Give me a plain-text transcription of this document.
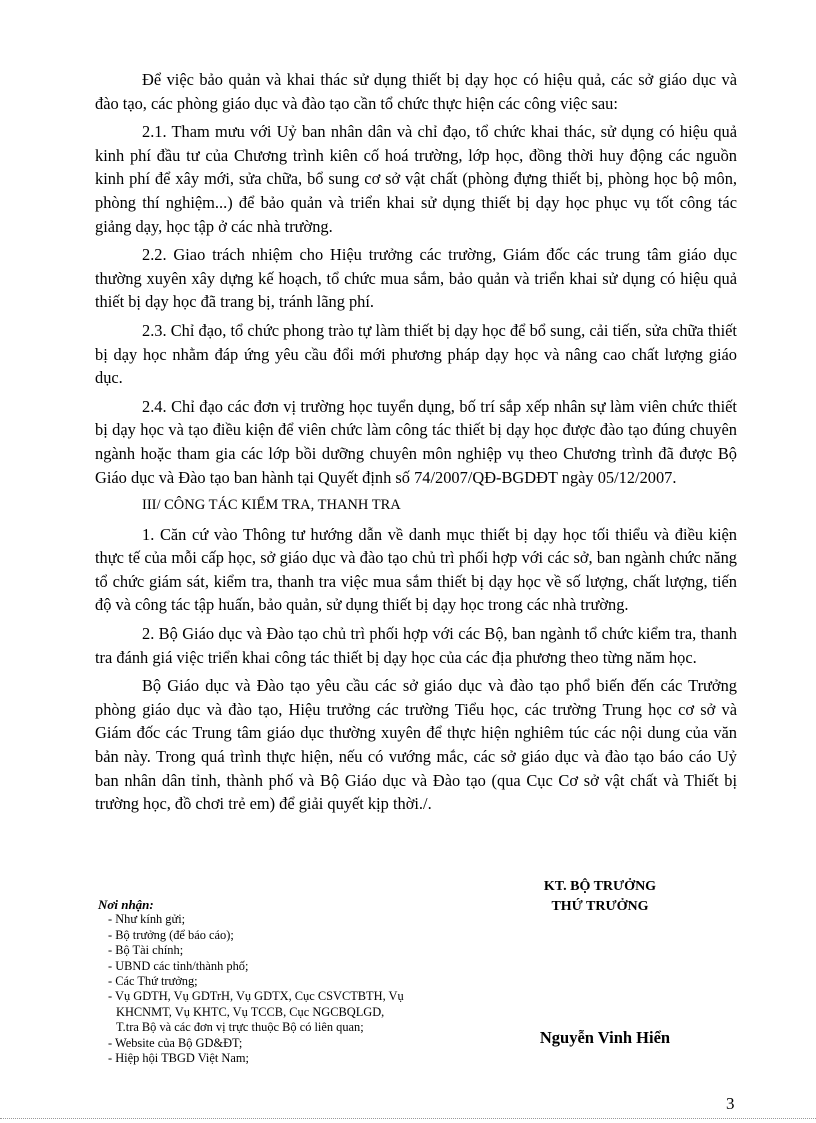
Để việc bảo quản và khai thác sử dụng thiết bị dạy học có hiệu quả, các sở giáo dục và đào tạo, các phòng giáo dục và đào tạo cần tổ chức thực hiện các công việc sau:

2.1. Tham mưu với Uỷ ban nhân dân và chỉ đạo, tổ chức khai thác, sử dụng có hiệu quả kinh phí đầu tư của Chương trình kiên cố hoá trường, lớp học, đồng thời huy động các nguồn kinh phí để xây mới, sửa chữa, bổ sung cơ sở vật chất (phòng đựng thiết bị, phòng học bộ môn, phòng thí nghiệm...) để bảo quản và triển khai sử dụng thiết bị dạy học phục vụ tốt công tác giảng dạy, học tập ở các nhà trường.

2.2. Giao trách nhiệm cho Hiệu trưởng các trường, Giám đốc các trung tâm giáo dục thường xuyên xây dựng kế hoạch, tổ chức mua sắm, bảo quản và triển khai sử dụng có hiệu quả thiết bị dạy học đã trang bị, tránh lãng phí.

2.3. Chỉ đạo, tổ chức phong trào tự làm thiết bị dạy học để bổ sung, cải tiến, sửa chữa thiết bị dạy học nhằm đáp ứng yêu cầu đổi mới phương pháp dạy học và nâng cao chất lượng giáo dục.

2.4. Chỉ đạo các đơn vị trường học tuyển dụng, bố trí sắp xếp nhân sự làm viên chức thiết bị dạy học và tạo điều kiện để viên chức làm công tác thiết bị dạy học được đào tạo đúng chuyên ngành hoặc tham gia các lớp bồi dưỡng chuyên môn nghiệp vụ theo Chương trình đã được Bộ Giáo dục và Đào tạo ban hành tại Quyết định số 74/2007/QĐ-BGDĐT ngày 05/12/2007.

III/ CÔNG TÁC KIỂM TRA, THANH TRA

1. Căn cứ vào Thông tư hướng dẫn về danh mục thiết bị dạy học tối thiểu và điều kiện thực tế của mỗi cấp học, sở giáo dục và đào tạo chủ trì phối hợp với các sở, ban ngành chức năng tổ chức giám sát, kiểm tra, thanh tra việc mua sắm thiết bị dạy học về số lượng, chất lượng, tiến độ và công tác tập huấn, bảo quản, sử dụng thiết bị dạy học trong các nhà trường.

2. Bộ Giáo dục và Đào tạo chủ trì phối hợp với các Bộ, ban ngành tổ chức kiểm tra, thanh tra đánh giá việc triển khai công tác thiết bị dạy học của các địa phương theo từng năm học.

Bộ Giáo dục và Đào tạo yêu cầu các sở giáo dục và đào tạo phổ biến đến các Trưởng phòng giáo dục và đào tạo, Hiệu trưởng các trường Tiểu học, các trường Trung học cơ sở và Giám đốc các Trung tâm giáo dục thường xuyên để thực hiện nghiêm túc các nội dung của văn bản này. Trong quá trình thực hiện, nếu có vướng mắc, các sở giáo dục và đào tạo báo cáo Uỷ ban nhân dân tỉnh, thành phố và Bộ Giáo dục và Đào tạo (qua Cục Cơ sở vật chất và Thiết bị trường học, đồ chơi trẻ em) để giải quyết kịp thời./.

Nơi nhận:
- Như kính gửi;
- Bộ trưởng (để báo cáo);
- Bộ Tài chính;
- UBND các tỉnh/thành phố;
- Các Thứ trưởng;
- Vụ GDTH, Vụ GDTrH, Vụ GDTX, Cục CSVCTBTH, Vụ
KHCNMT, Vụ KHTC, Vụ TCCB, Cục NGCBQLGD,
T.tra Bộ và các đơn vị trực thuộc Bộ có liên quan;
- Website của Bộ GD&ĐT;
- Hiệp hội TBGD Việt Nam;
KT. BỘ TRƯỞNG
THỨ TRƯỞNG
Nguyễn Vinh Hiển
3
